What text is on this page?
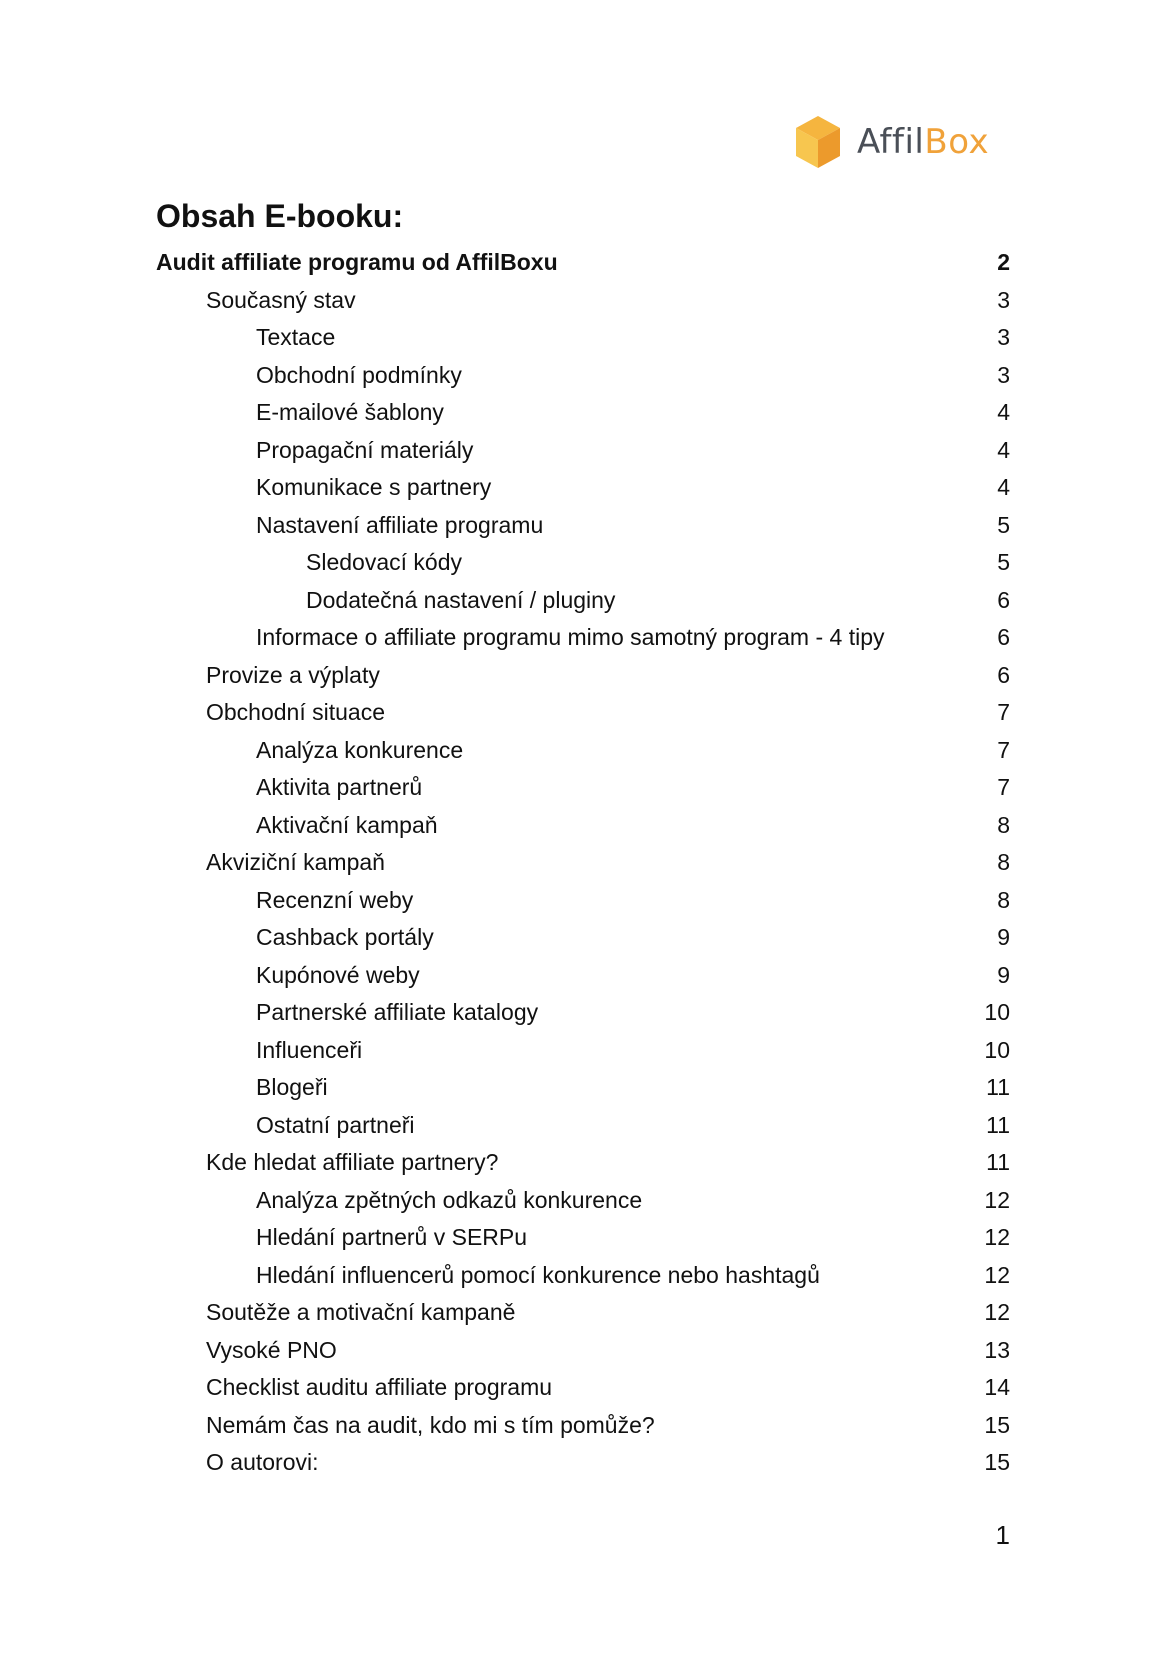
AffilBox
Obsah E-booku:
Audit affiliate programu od AffilBoxu	2
Současný stav	3
Textace	3
Obchodní podmínky	3
E-mailové šablony	4
Propagační materiály	4
Komunikace s partnery	4
Nastavení affiliate programu	5
Sledovací kódy	5
Dodatečná nastavení / pluginy	6
Informace o affiliate programu mimo samotný program - 4 tipy	6
Provize a výplaty	6
Obchodní situace	7
Analýza konkurence	7
Aktivita partnerů	7
Aktivační kampaň	8
Akviziční kampaň	8
Recenzní weby	8
Cashback portály	9
Kupónové weby	9
Partnerské affiliate katalogy	10
Influenceři	10
Blogeři	11
Ostatní partneři	11
Kde hledat affiliate partnery?	11
Analýza zpětných odkazů konkurence	12
Hledání partnerů v SERPu	12
Hledání influencerů pomocí konkurence nebo hashtagů	12
Soutěže a motivační kampaně	12
Vysoké PNO	13
Checklist auditu affiliate programu	14
Nemám čas na audit, kdo mi s tím pomůže?	15
O autorovi:	15
1
